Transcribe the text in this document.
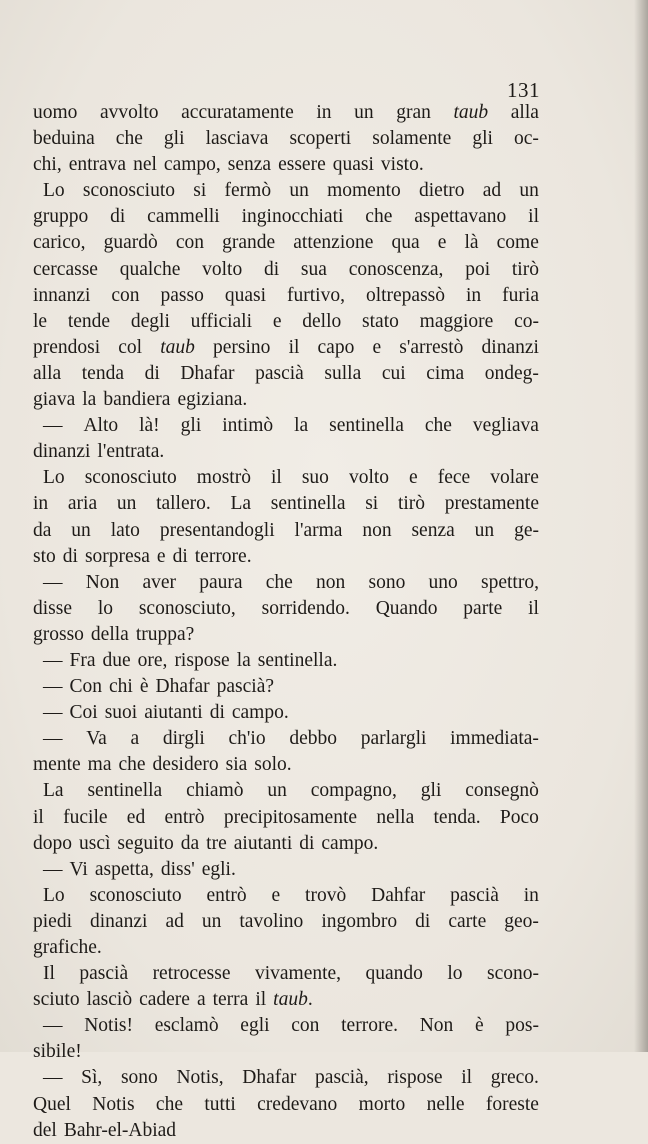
131
uomo avvolto accuratamente in un gran taub alla
beduina che gli lasciava scoperti solamente gli oc-
chi, entrava nel campo, senza essere quasi visto.
Lo sconosciuto si fermò un momento dietro ad un
gruppo di cammelli inginocchiati che aspettavano il
carico, guardò con grande attenzione qua e là come
cercasse qualche volto di sua conoscenza, poi tirò
innanzi con passo quasi furtivo, oltrepassò in furia
le tende degli ufficiali e dello stato maggiore co-
prendosi col taub persino il capo e s'arrestò dinanzi
alla tenda di Dhafar pascià sulla cui cima ondeg-
giava la bandiera egiziana.
— Alto là! gli intimò la sentinella che vegliava
dinanzi l'entrata.
Lo sconosciuto mostrò il suo volto e fece volare
in aria un tallero. La sentinella si tirò prestamente
da un lato presentandogli l'arma non senza un ge-
sto di sorpresa e di terrore.
— Non aver paura che non sono uno spettro,
disse lo sconosciuto, sorridendo. Quando parte il
grosso della truppa?
— Fra due ore, rispose la sentinella.
— Con chi è Dhafar pascià?
— Coi suoi aiutanti di campo.
— Va a dirgli ch'io debbo parlargli immediata-
mente ma che desidero sia solo.
La sentinella chiamò un compagno, gli consegnò
il fucile ed entrò precipitosamente nella tenda. Poco
dopo uscì seguito da tre aiutanti di campo.
— Vi aspetta, diss' egli.
Lo sconosciuto entrò e trovò Dahfar pascià in
piedi dinanzi ad un tavolino ingombro di carte geo-
grafiche.
Il pascià retrocesse vivamente, quando lo scono-
sciuto lasciò cadere a terra il taub.
— Notis! esclamò egli con terrore. Non è pos-
sibile!
— Sì, sono Notis, Dhafar pascià, rispose il greco.
Quel Notis che tutti credevano morto nelle foreste
del Bahr-el-Abiad
